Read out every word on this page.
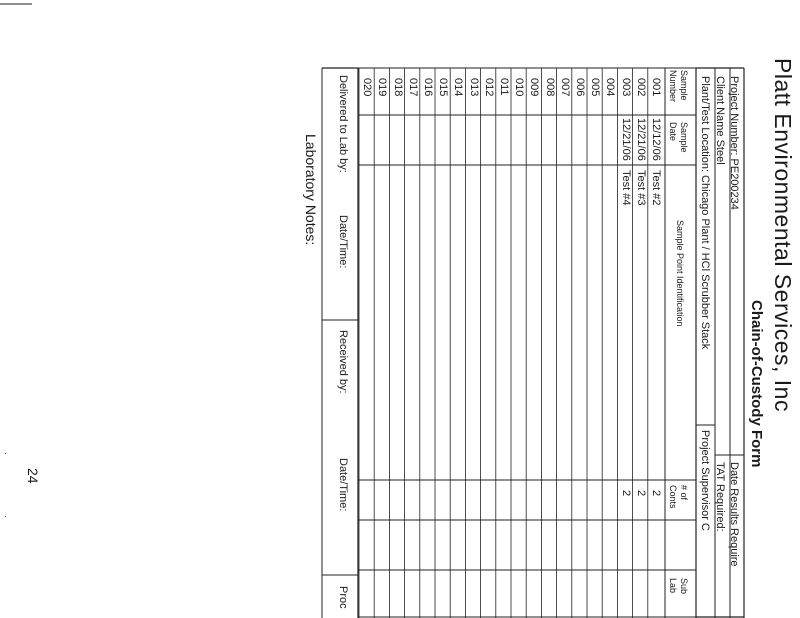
Platt Environmental Services, Inc
Chain-of-Custody Form
Project Number: PE200234
Date Results Require
Client Name Steel
TAT Required:
Plant/Test Location: Chicago Plant / HCl Scrubber Stack
Project Supervisor C
Sample
Number
Sample
Date
Sample Point Identification
# of
Conts
Sub
Lab
001
12/12/06
Test #2
2
002
12/21/06
Test #3
2
003
12/21/06
Test #4
2
004
005
006
007
008
009
010
011
012
013
014
015
016
017
018
019
020
Delivered to Lab by:
Date/Time:
Received by:
Date/Time:
Proc
Laboratory Notes:
24
·
·
